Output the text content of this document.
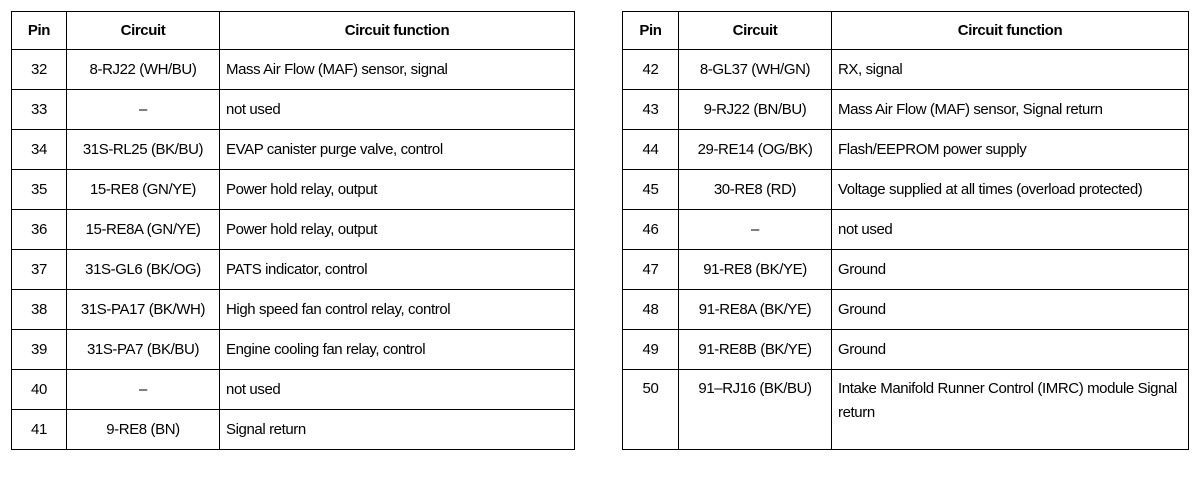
Pin	Circuit	Circuit function
32	8-RJ22 (WH/BU)	Mass Air Flow (MAF) sensor, signal
33	–	not used
34	31S-RL25 (BK/BU)	EVAP canister purge valve, control
35	15-RE8 (GN/YE)	Power hold relay, output
36	15-RE8A (GN/YE)	Power hold relay, output
37	31S-GL6 (BK/OG)	PATS indicator, control
38	31S-PA17 (BK/WH)	High speed fan control relay, control
39	31S-PA7 (BK/BU)	Engine cooling fan relay, control
40	–	not used
41	9-RE8 (BN)	Signal return
Pin	Circuit	Circuit function
42	8-GL37 (WH/GN)	RX, signal
43	9-RJ22 (BN/BU)	Mass Air Flow (MAF) sensor, Signal return
44	29-RE14 (OG/BK)	Flash/EEPROM power supply
45	30-RE8 (RD)	Voltage supplied at all times (overload protected)
46	–	not used
47	91-RE8 (BK/YE)	Ground
48	91-RE8A (BK/YE)	Ground
49	91-RE8B (BK/YE)	Ground
50	91–RJ16 (BK/BU)	Intake Manifold Runner Control (IMRC) module Signal return
